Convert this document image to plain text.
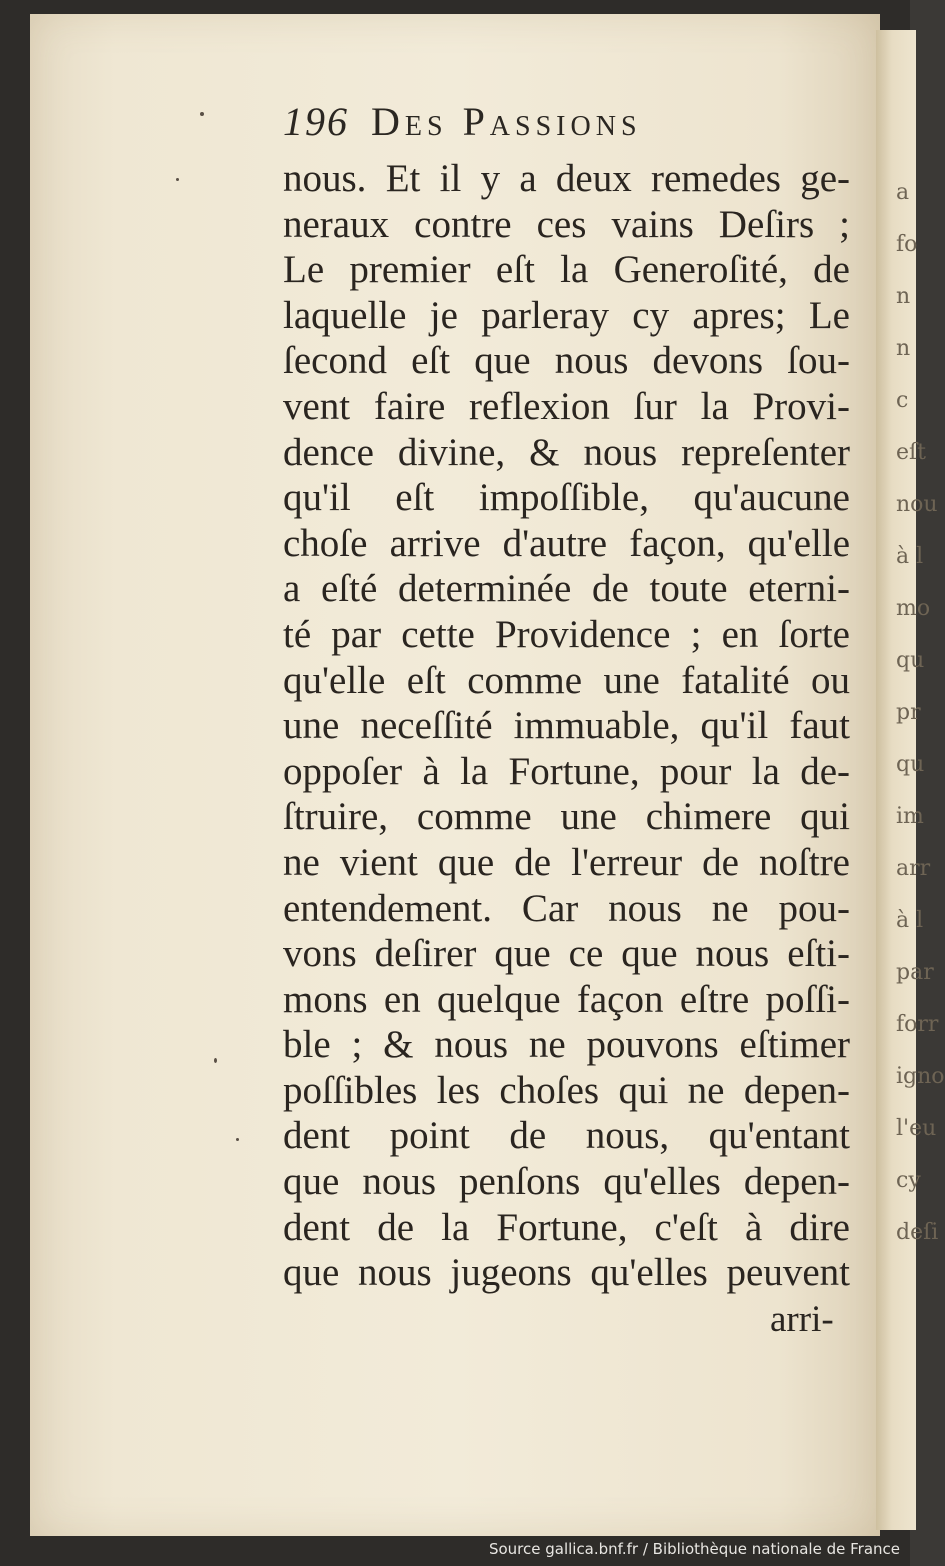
a
fo
n
n
c
eſt
nou
à l
mo
qu
pr
qu
im
arr
à l
par
forr
igno
l'eu
cy
deſi
196 Des Passions
nous. Et il y a deux remedes ge-
neraux contre ces vains Deſirs ;
Le premier eſt la Generoſité, de
laquelle je parleray cy apres; Le
ſecond eſt que nous devons ſou-
vent faire reflexion ſur la Provi-
dence divine, & nous repreſenter
qu'il eſt impoſſible, qu'aucune
choſe arrive d'autre façon, qu'elle
a eſté determinée de toute eterni-
té par cette Providence ; en ſorte
qu'elle eſt comme une fatalité ou
une neceſſité immuable, qu'il faut
oppoſer à la Fortune, pour la de-
ſtruire, comme une chimere qui
ne vient que de l'erreur de noſtre
entendement. Car nous ne pou-
vons deſirer que ce que nous eſti-
mons en quelque façon eſtre poſſi-
ble ; & nous ne pouvons eſtimer
poſſibles les choſes qui ne depen-
dent point de nous, qu'entant
que nous penſons qu'elles depen-
dent de la Fortune, c'eſt à dire
que nous jugeons qu'elles peuvent
arri-
Source gallica.bnf.fr / Bibliothèque nationale de France
